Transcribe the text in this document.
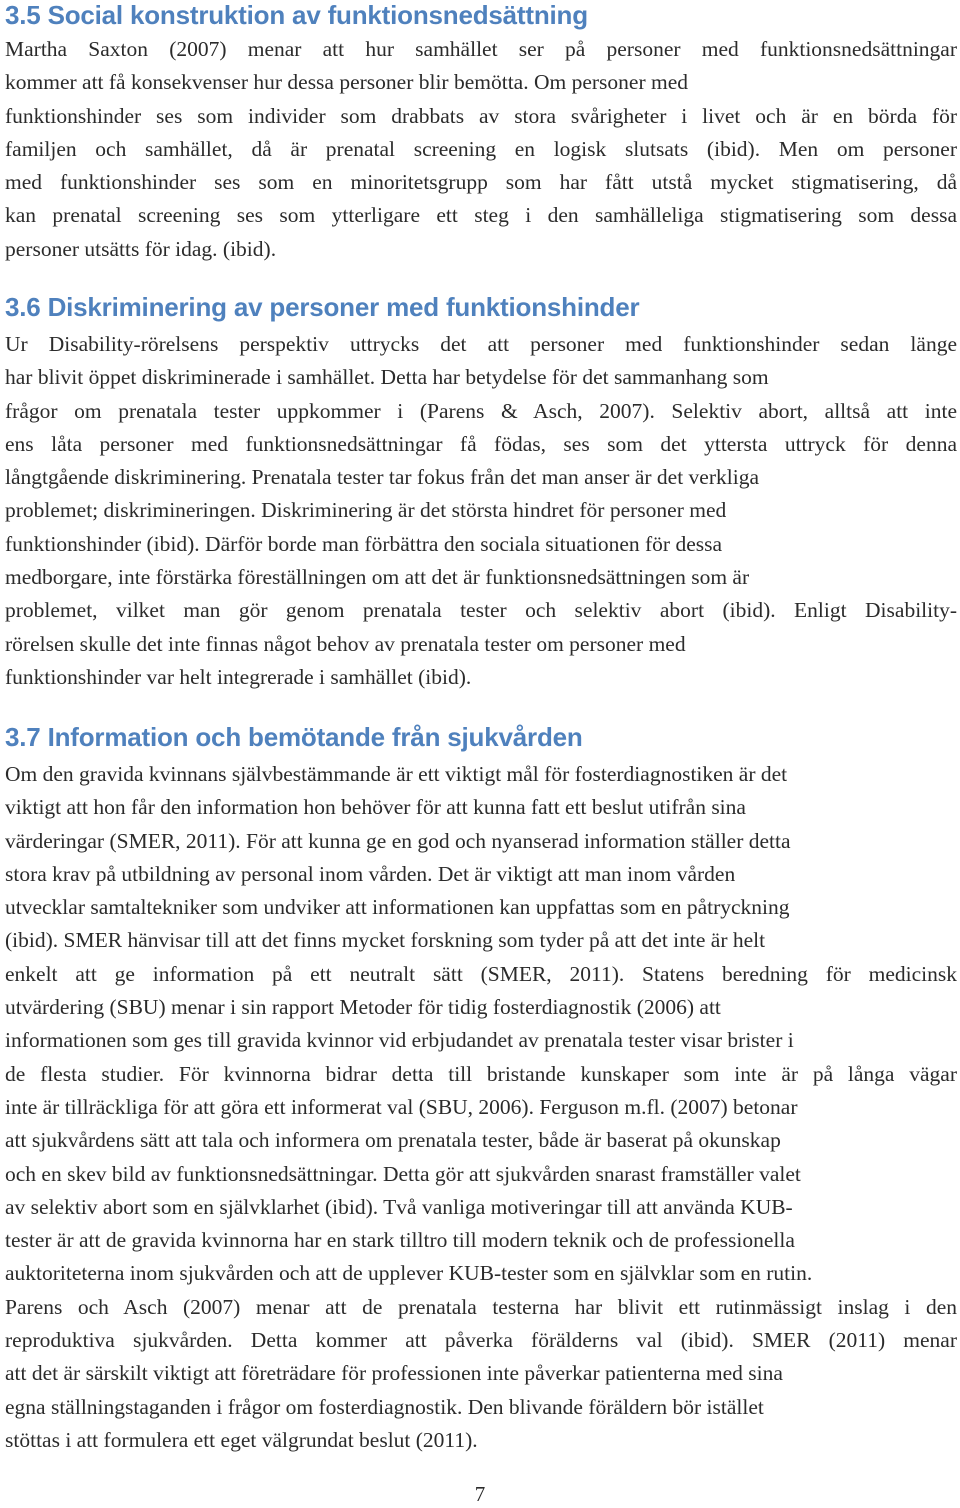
3.5 Social konstruktion av funktionsnedsättning
Martha Saxton (2007) menar att hur samhället ser på personer med funktionsnedsättningar
kommer att få konsekvenser hur dessa personer blir bemötta. Om personer med
funktionshinder ses som individer som drabbats av stora svårigheter i livet och är en börda för
familjen och samhället, då är prenatal screening en logisk slutsats (ibid). Men om personer
med funktionshinder ses som en minoritetsgrupp som har fått utstå mycket stigmatisering, då
kan prenatal screening ses som ytterligare ett steg i den samhälleliga stigmatisering som dessa
personer utsätts för idag. (ibid).
3.6 Diskriminering av personer med funktionshinder
Ur Disability-rörelsens perspektiv uttrycks det att personer med funktionshinder sedan länge
har blivit öppet diskriminerade i samhället. Detta har betydelse för det sammanhang som
frågor om prenatala tester uppkommer i (Parens & Asch, 2007). Selektiv abort, alltså att inte
ens låta personer med funktionsnedsättningar få födas, ses som det yttersta uttryck för denna
långtgående diskriminering. Prenatala tester tar fokus från det man anser är det verkliga
problemet; diskrimineringen. Diskriminering är det största hindret för personer med
funktionshinder (ibid). Därför borde man förbättra den sociala situationen för dessa
medborgare, inte förstärka föreställningen om att det är funktionsnedsättningen som är
problemet, vilket man gör genom prenatala tester och selektiv abort (ibid). Enligt Disability-
rörelsen skulle det inte finnas något behov av prenatala tester om personer med
funktionshinder var helt integrerade i samhället (ibid).
3.7 Information och bemötande från sjukvården
Om den gravida kvinnans självbestämmande är ett viktigt mål för fosterdiagnostiken är det
viktigt att hon får den information hon behöver för att kunna fatt ett beslut utifrån sina
värderingar (SMER, 2011). För att kunna ge en god och nyanserad information ställer detta
stora krav på utbildning av personal inom vården. Det är viktigt att man inom vården
utvecklar samtaltekniker som undviker att informationen kan uppfattas som en påtryckning
(ibid). SMER hänvisar till att det finns mycket forskning som tyder på att det inte är helt
enkelt att ge information på ett neutralt sätt (SMER, 2011). Statens beredning för medicinsk
utvärdering (SBU) menar i sin rapport Metoder för tidig fosterdiagnostik (2006) att
informationen som ges till gravida kvinnor vid erbjudandet av prenatala tester visar brister i
de flesta studier. För kvinnorna bidrar detta till bristande kunskaper som inte är på långa vägar
inte är tillräckliga för att göra ett informerat val (SBU, 2006). Ferguson m.fl. (2007) betonar
att sjukvårdens sätt att tala och informera om prenatala tester, både är baserat på okunskap
och en skev bild av funktionsnedsättningar. Detta gör att sjukvården snarast framställer valet
av selektiv abort som en självklarhet (ibid). Två vanliga motiveringar till att använda KUB-
tester är att de gravida kvinnorna har en stark tilltro till modern teknik och de professionella
auktoriteterna inom sjukvården och att de upplever KUB-tester som en självklar som en rutin.
Parens och Asch (2007) menar att de prenatala testerna har blivit ett rutinmässigt inslag i den
reproduktiva sjukvården. Detta kommer att påverka förälderns val (ibid). SMER (2011) menar
att det är särskilt viktigt att företrädare för professionen inte påverkar patienterna med sina
egna ställningstaganden i frågor om fosterdiagnostik. Den blivande föräldern bör istället
stöttas i att formulera ett eget välgrundat beslut (2011).
7
